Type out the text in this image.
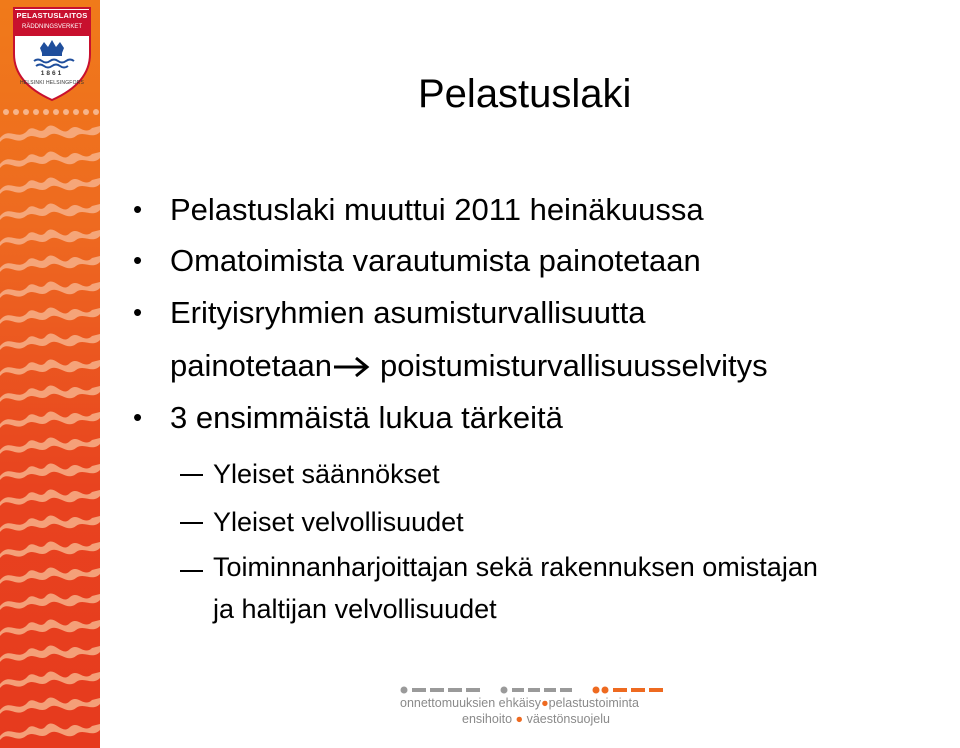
PELASTUSLAITOS
RÄDDNINGSVERKET
1861
HELSINKI HELSINGFORS	Pelastuslaki
• Pelastuslaki muuttui 2011 heinäkuussa
• Omatoimista varautumista painotetaan
• Erityisryhmien asumisturvallisuutta
painotetaan poistumisturvallisuusselvitys
• 3 ensimmäistä lukua tärkeitä
Yleiset säännökset
Yleiset velvollisuudet
Toiminnanharjoittajan sekä rakennuksen omistajan
ja haltijan velvollisuudet
onnettomuuksien ehkäisy●pelastustoiminta
ensihoito ● väestönsuojelu
